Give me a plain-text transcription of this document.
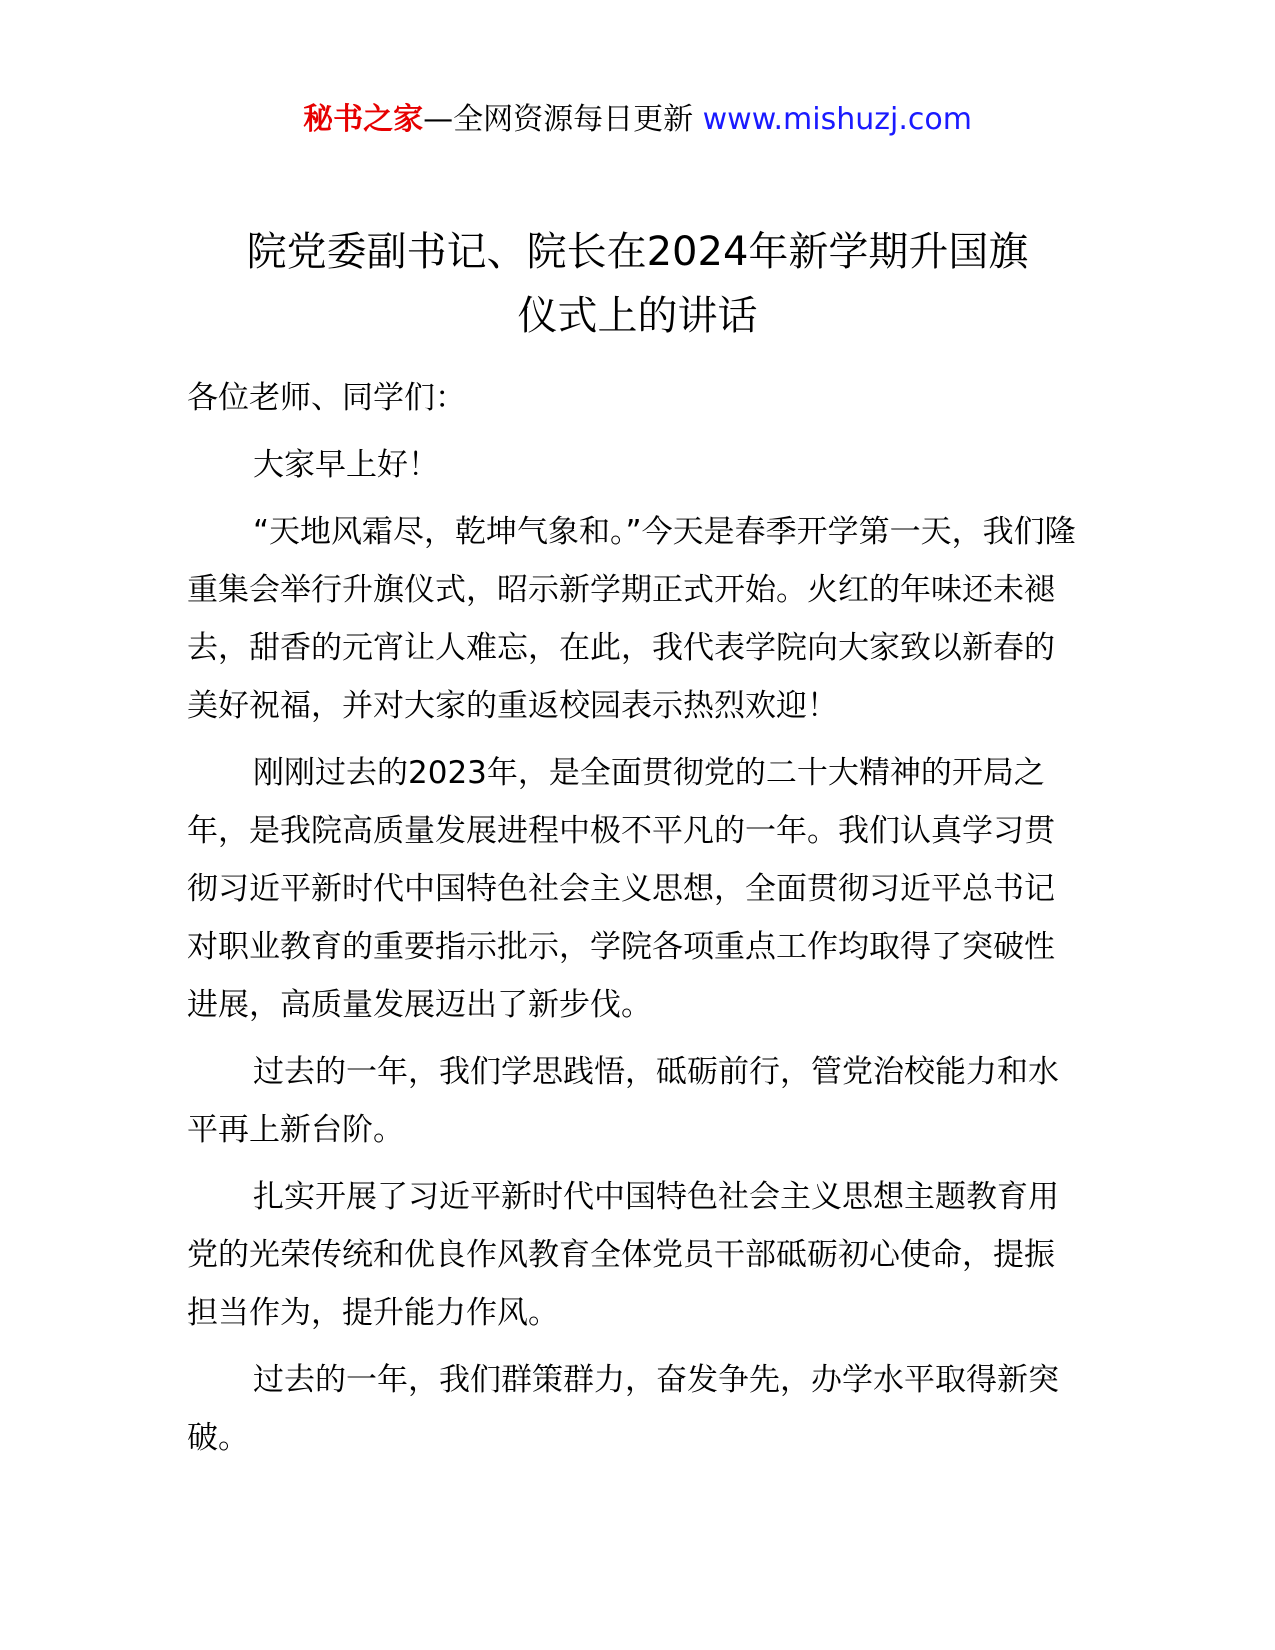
秘书之家—全网资源每日更新 www.mishuzj.com
院党委副书记、院长在2024年新学期升国旗
仪式上的讲话

各位老师、同学们：

大家早上好！

“天地风霜尽，乾坤气象和。”今天是春季开学第一天，我们隆重集会举行升旗仪式，昭示新学期正式开始。火红的年味还未褪去，甜香的元宵让人难忘，在此，我代表学院向大家致以新春的美好祝福，并对大家的重返校园表示热烈欢迎！

刚刚过去的2023年，是全面贯彻党的二十大精神的开局之年，是我院高质量发展进程中极不平凡的一年。我们认真学习贯彻习近平新时代中国特色社会主义思想，全面贯彻习近平总书记对职业教育的重要指示批示，学院各项重点工作均取得了突破性进展，高质量发展迈出了新步伐。

过去的一年，我们学思践悟，砥砺前行，管党治校能力和水平再上新台阶。

扎实开展了习近平新时代中国特色社会主义思想主题教育用党的光荣传统和优良作风教育全体党员干部砥砺初心使命，提振担当作为，提升能力作风。

过去的一年，我们群策群力，奋发争先，办学水平取得新突破。
